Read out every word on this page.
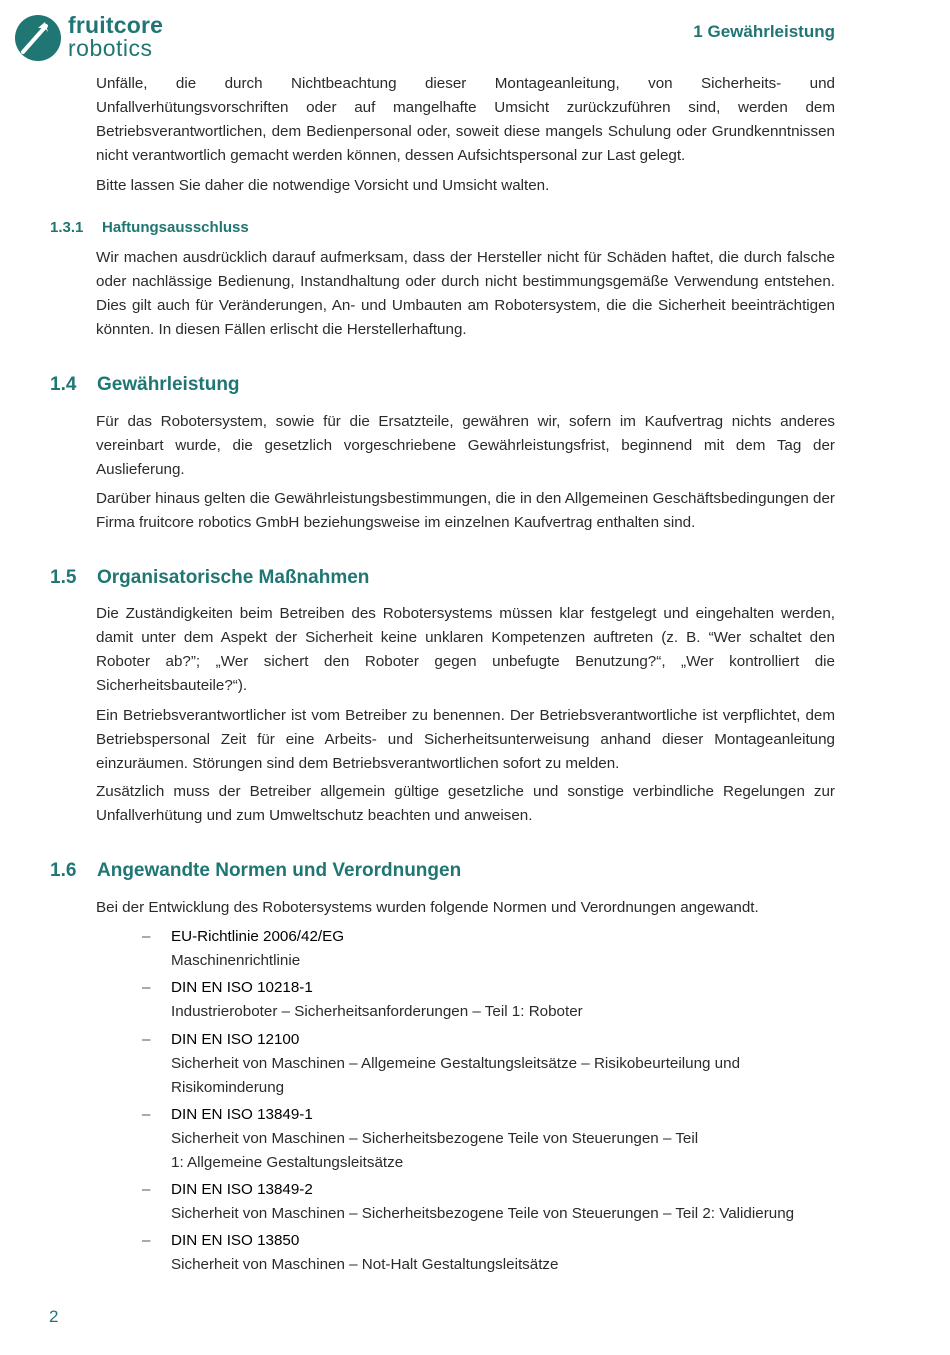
fruitcore
robotics
1 Gewährleistung

Unfälle, die durch Nichtbeachtung dieser Montageanleitung, von Sicherheits- und Unfallverhütungsvorschriften oder auf mangelhafte Umsicht zurückzuführen sind, werden dem Betriebsverantwortlichen, dem Bedienpersonal oder, soweit diese mangels Schulung oder Grundkenntnissen nicht verantwortlich gemacht werden können, dessen Aufsichtspersonal zur Last gelegt.

Bitte lassen Sie daher die notwendige Vorsicht und Umsicht walten.

1.3.1 Haftungsausschluss

Wir machen ausdrücklich darauf aufmerksam, dass der Hersteller nicht für Schäden haftet, die durch falsche oder nachlässige Bedienung, Instandhaltung oder durch nicht bestimmungsgemäße Verwendung entstehen. Dies gilt auch für Veränderungen, An- und Umbauten am Robotersystem, die die Sicherheit beeinträchtigen könnten. In diesen Fällen erlischt die Herstellerhaftung.

1.4 Gewährleistung

Für das Robotersystem, sowie für die Ersatzteile, gewähren wir, sofern im Kaufvertrag nichts anderes vereinbart wurde, die gesetzlich vorgeschriebene Gewährleistungsfrist, beginnend mit dem Tag der Auslieferung.

Darüber hinaus gelten die Gewährleistungsbestimmungen, die in den Allgemeinen Geschäftsbedingungen der Firma fruitcore robotics GmbH beziehungsweise im einzelnen Kaufvertrag enthalten sind.

1.5 Organisatorische Maßnahmen

Die Zuständigkeiten beim Betreiben des Robotersystems müssen klar festgelegt und eingehalten werden, damit unter dem Aspekt der Sicherheit keine unklaren Kompetenzen auftreten (z. B. “Wer schaltet den Roboter ab?”; „Wer sichert den Roboter gegen unbefugte Benutzung?“, „Wer kontrolliert die Sicherheitsbauteile?“).

Ein Betriebsverantwortlicher ist vom Betreiber zu benennen. Der Betriebsverantwortliche ist verpflichtet, dem Betriebspersonal Zeit für eine Arbeits- und Sicherheitsunterweisung anhand dieser Montageanleitung einzuräumen. Störungen sind dem Betriebsverantwortlichen sofort zu melden.

Zusätzlich muss der Betreiber allgemein gültige gesetzliche und sonstige verbindliche Regelungen zur Unfallverhütung und zum Umweltschutz beachten und anweisen.

1.6 Angewandte Normen und Verordnungen

Bei der Entwicklung des Robotersystems wurden folgende Normen und Verordnungen angewandt.

– EU-Richtlinie 2006/42/EG
Maschinenrichtlinie
– DIN EN ISO 10218-1
Industrieroboter – Sicherheitsanforderungen – Teil 1: Roboter
– DIN EN ISO 12100
Sicherheit von Maschinen – Allgemeine Gestaltungsleitsätze – Risikobeurteilung und Risikominderung
– DIN EN ISO 13849-1
Sicherheit von Maschinen – Sicherheitsbezogene Teile von Steuerungen – Teil 1: Allgemeine Gestaltungsleitsätze
– DIN EN ISO 13849-2
Sicherheit von Maschinen – Sicherheitsbezogene Teile von Steuerungen – Teil 2: Validierung
– DIN EN ISO 13850
Sicherheit von Maschinen – Not-Halt Gestaltungsleitsätze
2
